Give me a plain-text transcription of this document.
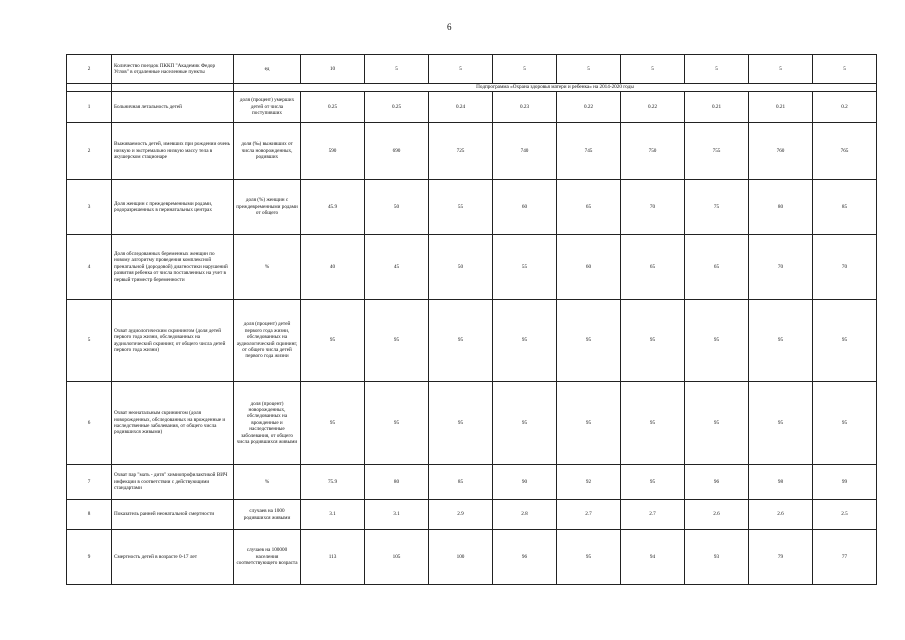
6
2	Количество поездок ПККП "Академик Федор Углов" в отдаленные населенные пункты	ед	10	5	5	5	5	5	5	5	5
		Подпрограмма «Охрана здоровья матери и ребенка» на 2014-2020 годы									
1	Больничная летальность детей	доля (процент) умерших детей от числа поступивших	0.25	0.25	0.24	0.23	0.22	0.22	0.21	0.21	0.2
2	Выживаемость детей, имевших при рождении очень низкую и экстремально низкую массу тела в акушерском стационаре	доля (‰) выживших от числа новорожденных, родивших	590	690	725	740	745	750	755	760	765
3	Доля женщин с преждевременными родами, родоразрешенных в перинатальных центрах	доля (%) женщин с преждевременными родами от общего	45.9	50	55	60	65	70	75	80	85
4	Доля обследованных беременных женщин по новому алгоритму проведения комплексной пренатальной (дородовой) диагностики нарушений развития ребенка от числа поставленных на учет в первый триместр беременности	%	40	45	50	55	60	65	65	70	70
5	Охват аудиологическим скринингом (доля детей первого года жизни, обследованных на аудиологический скрининг, от общего числа детей первого года жизни)	доля (процент) детей первого года жизни, обследованных на аудиологический скрининг, от общего числа детей первого года жизни	95	95	95	95	95	95	95	95	95
6	Охват неонатальным скринингом (доля новорожденных, обследованных на врожденные и наследственные заболевания, от общего числа родившихся живыми)	доля (процент) новорожденных, обследованных на врожденные и наследственные заболевания, от общего числа родившихся живыми	95	95	95	95	95	95	95	95	95
7	Охват пар "мать - дитя" химиопрофилактикой ВИЧ инфекции в соответствии с действующими стандартами	%	75.9	80	85	90	92	95	96	98	99
8	Показатель ранней неонатальной смертности	случаев на 1000 родившихся живыми	3.1	3.1	2.9	2.8	2.7	2.7	2.6	2.6	2.5
9	Смертность детей в возрасте 0-17 лет	случаев на 100000 населения соответствующего возраста	113	105	100	96	95	94	93	79	77
